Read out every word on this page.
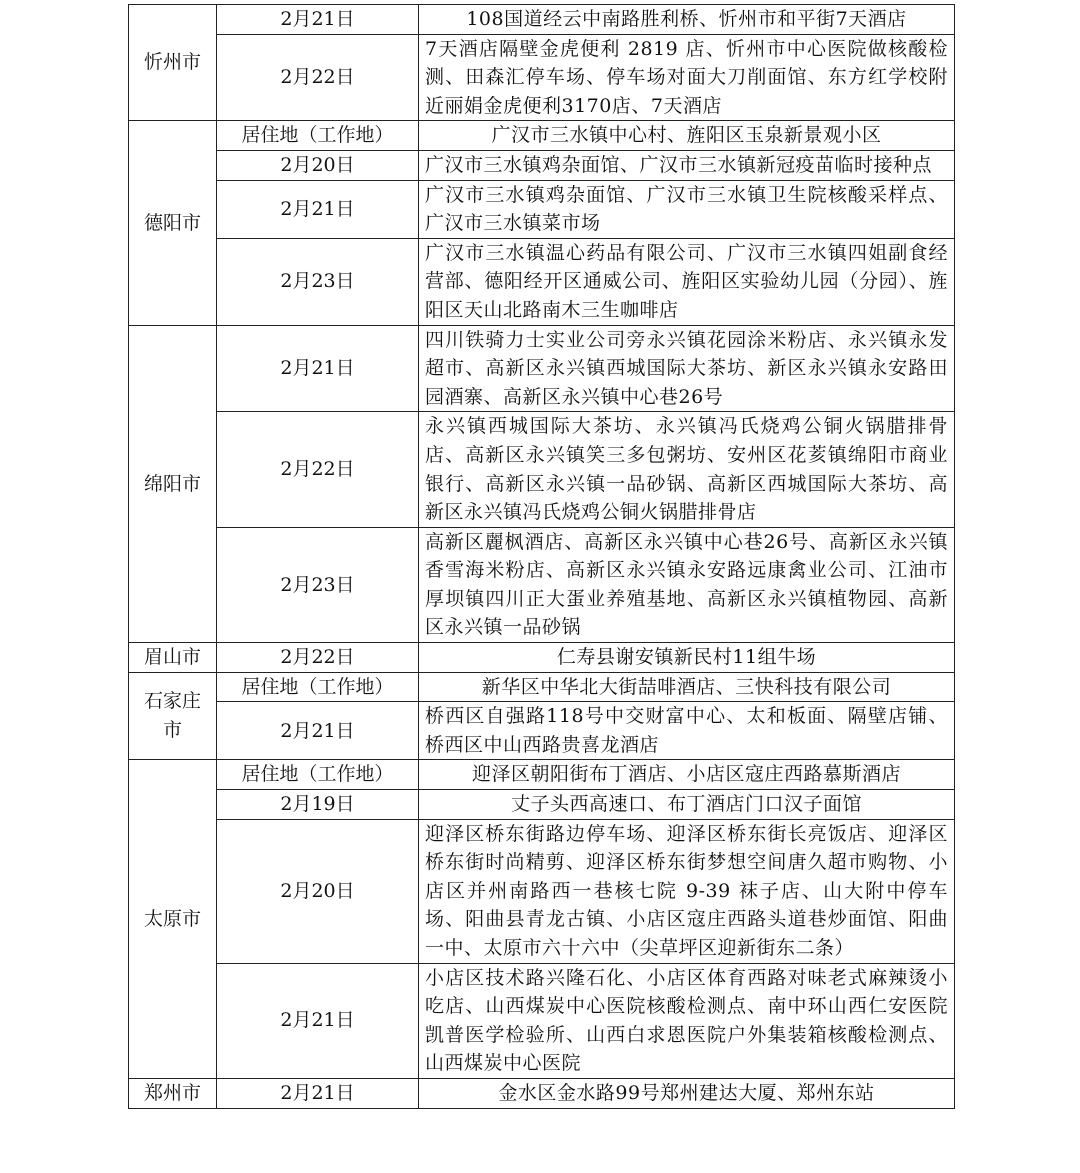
忻州市	2月21日	108国道经云中南路胜利桥、忻州市和平街7天酒店
	2月22日	7天酒店隔壁金虎便利 2819 店、忻州市中心医院做核酸检测、田森汇停车场、停车场对面大刀削面馆、东方红学校附近丽娟金虎便利3170店、7天酒店
德阳市	居住地（工作地）	广汉市三水镇中心村、旌阳区玉泉新景观小区
	2月20日	广汉市三水镇鸡杂面馆、广汉市三水镇新冠疫苗临时接种点
	2月21日	广汉市三水镇鸡杂面馆、广汉市三水镇卫生院核酸采样点、广汉市三水镇菜市场
	2月23日	广汉市三水镇温心药品有限公司、广汉市三水镇四姐副食经营部、德阳经开区通威公司、旌阳区实验幼儿园（分园）、旌阳区天山北路南木三生咖啡店
绵阳市	2月21日	四川铁骑力士实业公司旁永兴镇花园涂米粉店、永兴镇永发超市、高新区永兴镇西城国际大茶坊、新区永兴镇永安路田园酒寨、高新区永兴镇中心巷26号
	2月22日	永兴镇西城国际大茶坊、永兴镇冯氏烧鸡公铜火锅腊排骨店、高新区永兴镇笑三多包粥坊、安州区花荄镇绵阳市商业银行、高新区永兴镇一品砂锅、高新区西城国际大茶坊、高新区永兴镇冯氏烧鸡公铜火锅腊排骨店
	2月23日	高新区麗枫酒店、高新区永兴镇中心巷26号、高新区永兴镇香雪海米粉店、高新区永兴镇永安路远康禽业公司、江油市厚坝镇四川正大蛋业养殖基地、高新区永兴镇植物园、高新区永兴镇一品砂锅
眉山市	2月22日	仁寿县谢安镇新民村11组牛场
石家庄市	居住地（工作地）	新华区中华北大街喆啡酒店、三快科技有限公司
	2月21日	桥西区自强路118号中交财富中心、太和板面、隔壁店铺、桥西区中山西路贵喜龙酒店
太原市	居住地（工作地）	迎泽区朝阳街布丁酒店、小店区寇庄西路慕斯酒店
	2月19日	丈子头西高速口、布丁酒店门口汉子面馆
	2月20日	迎泽区桥东街路边停车场、迎泽区桥东街长亮饭店、迎泽区桥东街时尚精剪、迎泽区桥东街梦想空间唐久超市购物、小店区并州南路西一巷核七院 9-39 袜子店、山大附中停车场、阳曲县青龙古镇、小店区寇庄西路头道巷炒面馆、阳曲一中、太原市六十六中（尖草坪区迎新街东二条）
	2月21日	小店区技术路兴隆石化、小店区体育西路对味老式麻辣烫小吃店、山西煤炭中心医院核酸检测点、南中环山西仁安医院凯普医学检验所、山西白求恩医院户外集装箱核酸检测点、山西煤炭中心医院
郑州市	2月21日	金水区金水路99号郑州建达大厦、郑州东站
